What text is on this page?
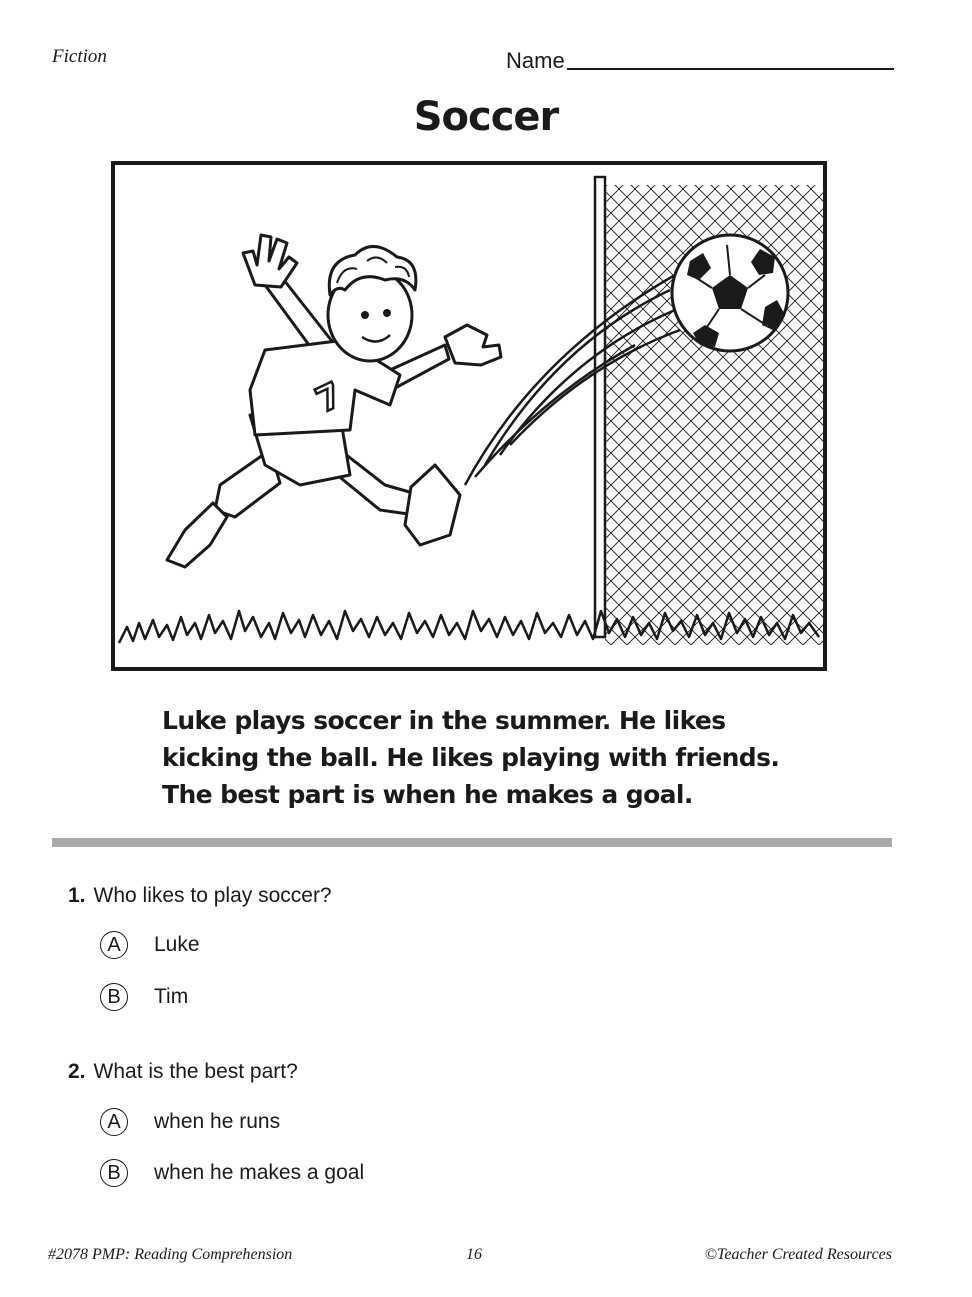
Fiction	Name
Soccer
7
Luke plays soccer in the summer. He likes
kicking the ball. He likes playing with friends.
The best part is when he makes a goal.
1. Who likes to play soccer?
A	Luke
B	Tim
2. What is the best part?
A	when he runs
B	when he makes a goal
#2078 PMP: Reading Comprehension	16	©Teacher Created Resources
